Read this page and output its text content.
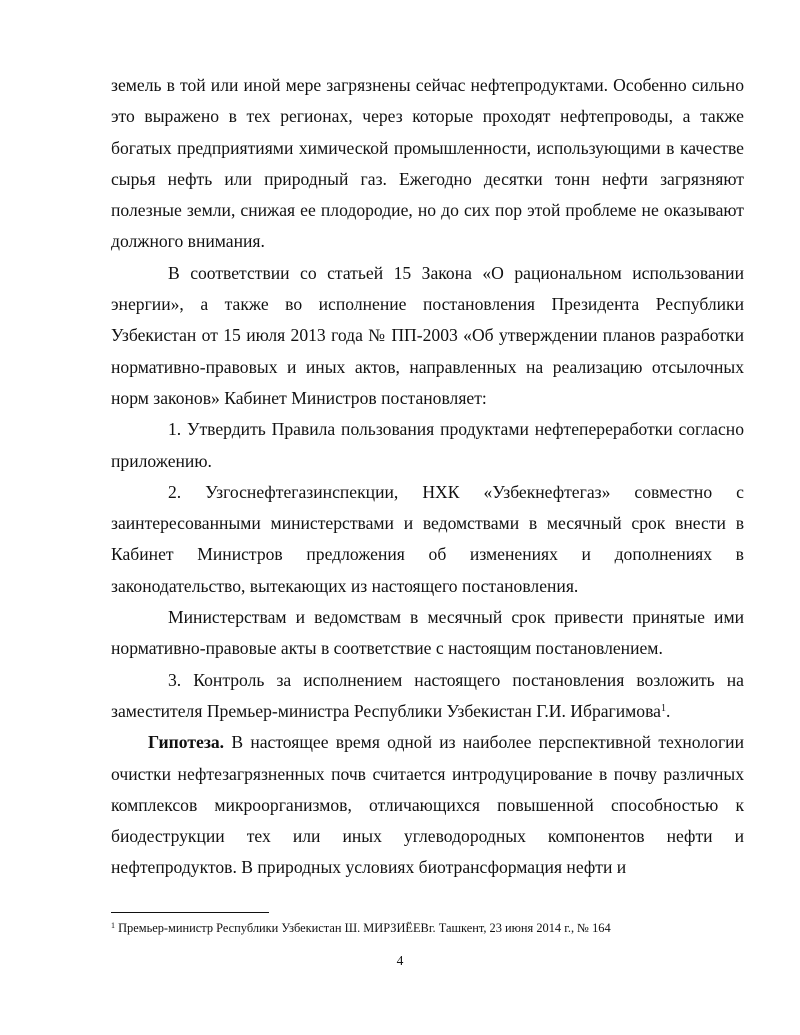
земель в той или иной мере загрязнены сейчас нефтепродуктами. Особенно сильно это выражено в тех регионах, через которые проходят нефтепроводы, а также богатых предприятиями химической промышленности, использующими в качестве сырья нефть или природный газ. Ежегодно десятки тонн нефти загрязняют полезные земли, снижая ее плодородие, но до сих пор этой проблеме не оказывают должного внимания.

В соответствии со статьей 15 Закона «О рациональном использовании энергии», а также во исполнение постановления Президента Республики Узбекистан от 15 июля 2013 года № ПП-2003 «Об утверждении планов разработки нормативно-правовых и иных актов, направленных на реализацию отсылочных норм законов» Кабинет Министров постановляет:

1. Утвердить Правила пользования продуктами нефтепереработки согласно приложению.

2. Узгоснефтегазинспекции, НХК «Узбекнефтегаз» совместно с заинтересованными министерствами и ведомствами в месячный срок внести в Кабинет Министров предложения об изменениях и дополнениях в законодательство, вытекающих из настоящего постановления.

Министерствам и ведомствам в месячный срок привести принятые ими нормативно-правовые акты в соответствие с настоящим постановлением.

3. Контроль за исполнением настоящего постановления возложить на заместителя Премьер-министра Республики Узбекистан Г.И. Ибрагимова$^1$.

Гипотеза. В настоящее время одной из наиболее перспективной технологии очистки нефтезагрязненных почв считается интродуцирование в почву различных комплексов микроорганизмов, отличающихся повышенной способностью к биодеструкции тех или иных углеводородных компонентов нефти и нефтепродуктов. В природных условиях биотрансформация нефти и

$^1$ Премьер-министр Республики Узбекистан Ш. МИРЗИЁЕВг. Ташкент, 23 июня 2014 г., № 164
4
